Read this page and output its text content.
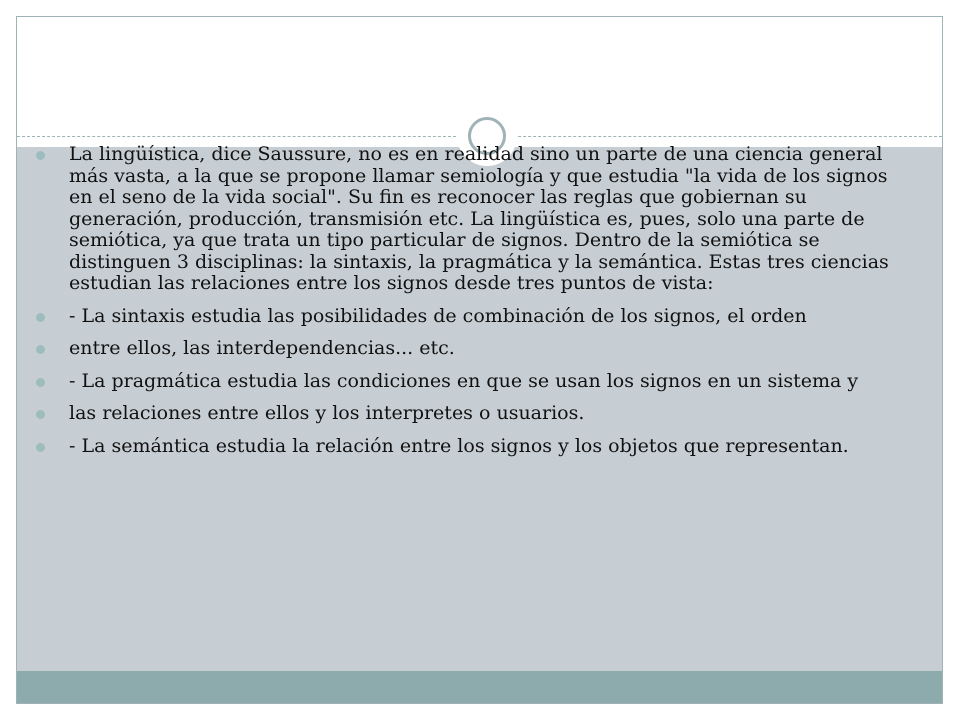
La lingüística, dice Saussure, no es en realidad sino un parte de una ciencia general más vasta, a la que se propone llamar semiología y que estudia "la vida de los signos en el seno de la vida social". Su fin es reconocer las reglas que gobiernan su generación, producción, transmisión etc. La lingüística es, pues, solo una parte de semiótica, ya que trata un tipo particular de signos. Dentro de la semiótica se distinguen 3 disciplinas: la sintaxis, la pragmática y la semántica. Estas tres ciencias estudian las relaciones entre los signos desde tres puntos de vista:
- La sintaxis estudia las posibilidades de combinación de los signos, el orden
entre ellos, las interdependencias... etc.
- La pragmática estudia las condiciones en que se usan los signos en un sistema y
las relaciones entre ellos y los interpretes o usuarios.
- La semántica estudia la relación entre los signos y los objetos que representan.
